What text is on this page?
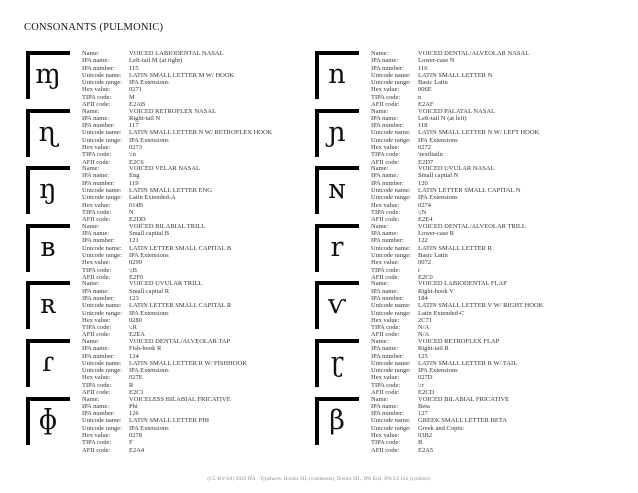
CONSONANTS (PULMONIC)
ɱ
Name:	VOICED LABIODENTAL NASAL
IPA name:	Left-tail M (at right)
IPA number:	115
Unicode name:	LATIN SMALL LETTER M W/ HOOK
Unicode range:	IPA Extensions
Hex value:	0271
TIPA code:	M
AFII code:	E2AB
n
Name:	VOICED DENTAL/ALVEOLAR NASAL
IPA name:	Lower-case N
IPA number:	116
Unicode name:	LATIN SMALL LETTER N
Unicode range:	Basic Latin
Hex value:	006E
TIPA code:	n
AFII code:	E2AF
ɳ
Name:	VOICED RETROFLEX NASAL
IPA name:	Right-tail N
IPA number:	117
Unicode name:	LATIN SMALL LETTER N W/ RETROFLEX HOOK
Unicode range:	IPA Extensions
Hex value:	0273
TIPA code:	\:n
AFII code:	E2C6
ɲ
Name:	VOICED PALATAL NASAL
IPA name:	Left-tail N (at left)
IPA number:	118
Unicode name:	LATIN SMALL LETTER N W/ LEFT HOOK
Unicode range:	IPA Extensions
Hex value:	0272
TIPA code:	\textltailn
AFII code:	E2D7
ŋ
Name:	VOICED VELAR NASAL
IPA name:	Eng
IPA number:	119
Unicode name:	LATIN SMALL LETTER ENG
Unicode range:	Latin Extended-A
Hex value:	014B
TIPA code:	N
AFII code:	E2DD
ɴ
Name:	VOICED UVULAR NASAL
IPA name:	Small capital N
IPA number:	120
Unicode name:	LATIN LETTER SMALL CAPITAL N
Unicode range:	IPA Extensions
Hex value:	0274
TIPA code:	\;N
AFII code:	E2E4
ʙ
Name:	VOICED BILABIAL TRILL
IPA name:	Small capital B
IPA number:	121
Unicode name:	LATIN LETTER SMALL CAPITAL B
Unicode range:	IPA Extensions
Hex value:	0299
TIPA code:	\;B
AFII code:	E2F0
r
Name:	VOICED DENTAL/ALVEOLAR TRILL
IPA name:	Lower-case R
IPA number:	122
Unicode name:	LATIN SMALL LETTER R
Unicode range:	Basic Latin
Hex value:	0072
TIPA code:	r
AFII code:	E2C0
ʀ
Name:	VOICED UVULAR TRILL
IPA name:	Small capital R
IPA number:	123
Unicode name:	LATIN LETTER SMALL CAPITAL R
Unicode range:	IPA Extensions
Hex value:	0280
TIPA code:	\;R
AFII code:	E2EA
ⱱ
Name:	VOICED LABIODENTAL FLAP
IPA name:	Right-hook V
IPA number:	184
Unicode name:	LATIN SMALL LETTER V W/ RIGHT HOOK
Unicode range:	Latin Extended-C
Hex value:	2C71
TIPA code:	N/A
AFII code:	N/A
ɾ
Name:	VOICED DENTAL/ALVEOLAR TAP
IPA name:	Fish-hook R
IPA number:	124
Unicode name:	LATIN SMALL LETTER R W/ FISHHOOK
Unicode range:	IPA Extensions
Hex value:	027E
TIPA code:	R
AFII code:	E2C1
ɽ
Name:	VOICED RETROFLEX FLAP
IPA name:	Right-tail R
IPA number:	125
Unicode name:	LATIN SMALL LETTER R W/ TAIL
Unicode range:	IPA Extensions
Hex value:	027D
TIPA code:	\:r
AFII code:	E2CD
ɸ
Name:	VOICELESS BILABIAL FRICATIVE
IPA name:	Phi
IPA number:	126
Unicode name:	LATIN SMALL LETTER PHI
Unicode range:	IPA Extensions
Hex value:	0278
TIPA code:	F
AFII code:	E2A4
β
Name:	VOICED BILABIAL FRICATIVE
IPA name:	Beta
IPA number:	127
Unicode name:	GREEK SMALL LETTER BETA
Unicode range:	Greek and Coptic
Hex value:	03B2
TIPA code:	B
AFII code:	E2A5
(CC-BY-SA) 2020 IFA · Typefaces: Doulos SIL (comments), Doulos SIL, IPA Kiel, IPA LS Uni (symbols)
